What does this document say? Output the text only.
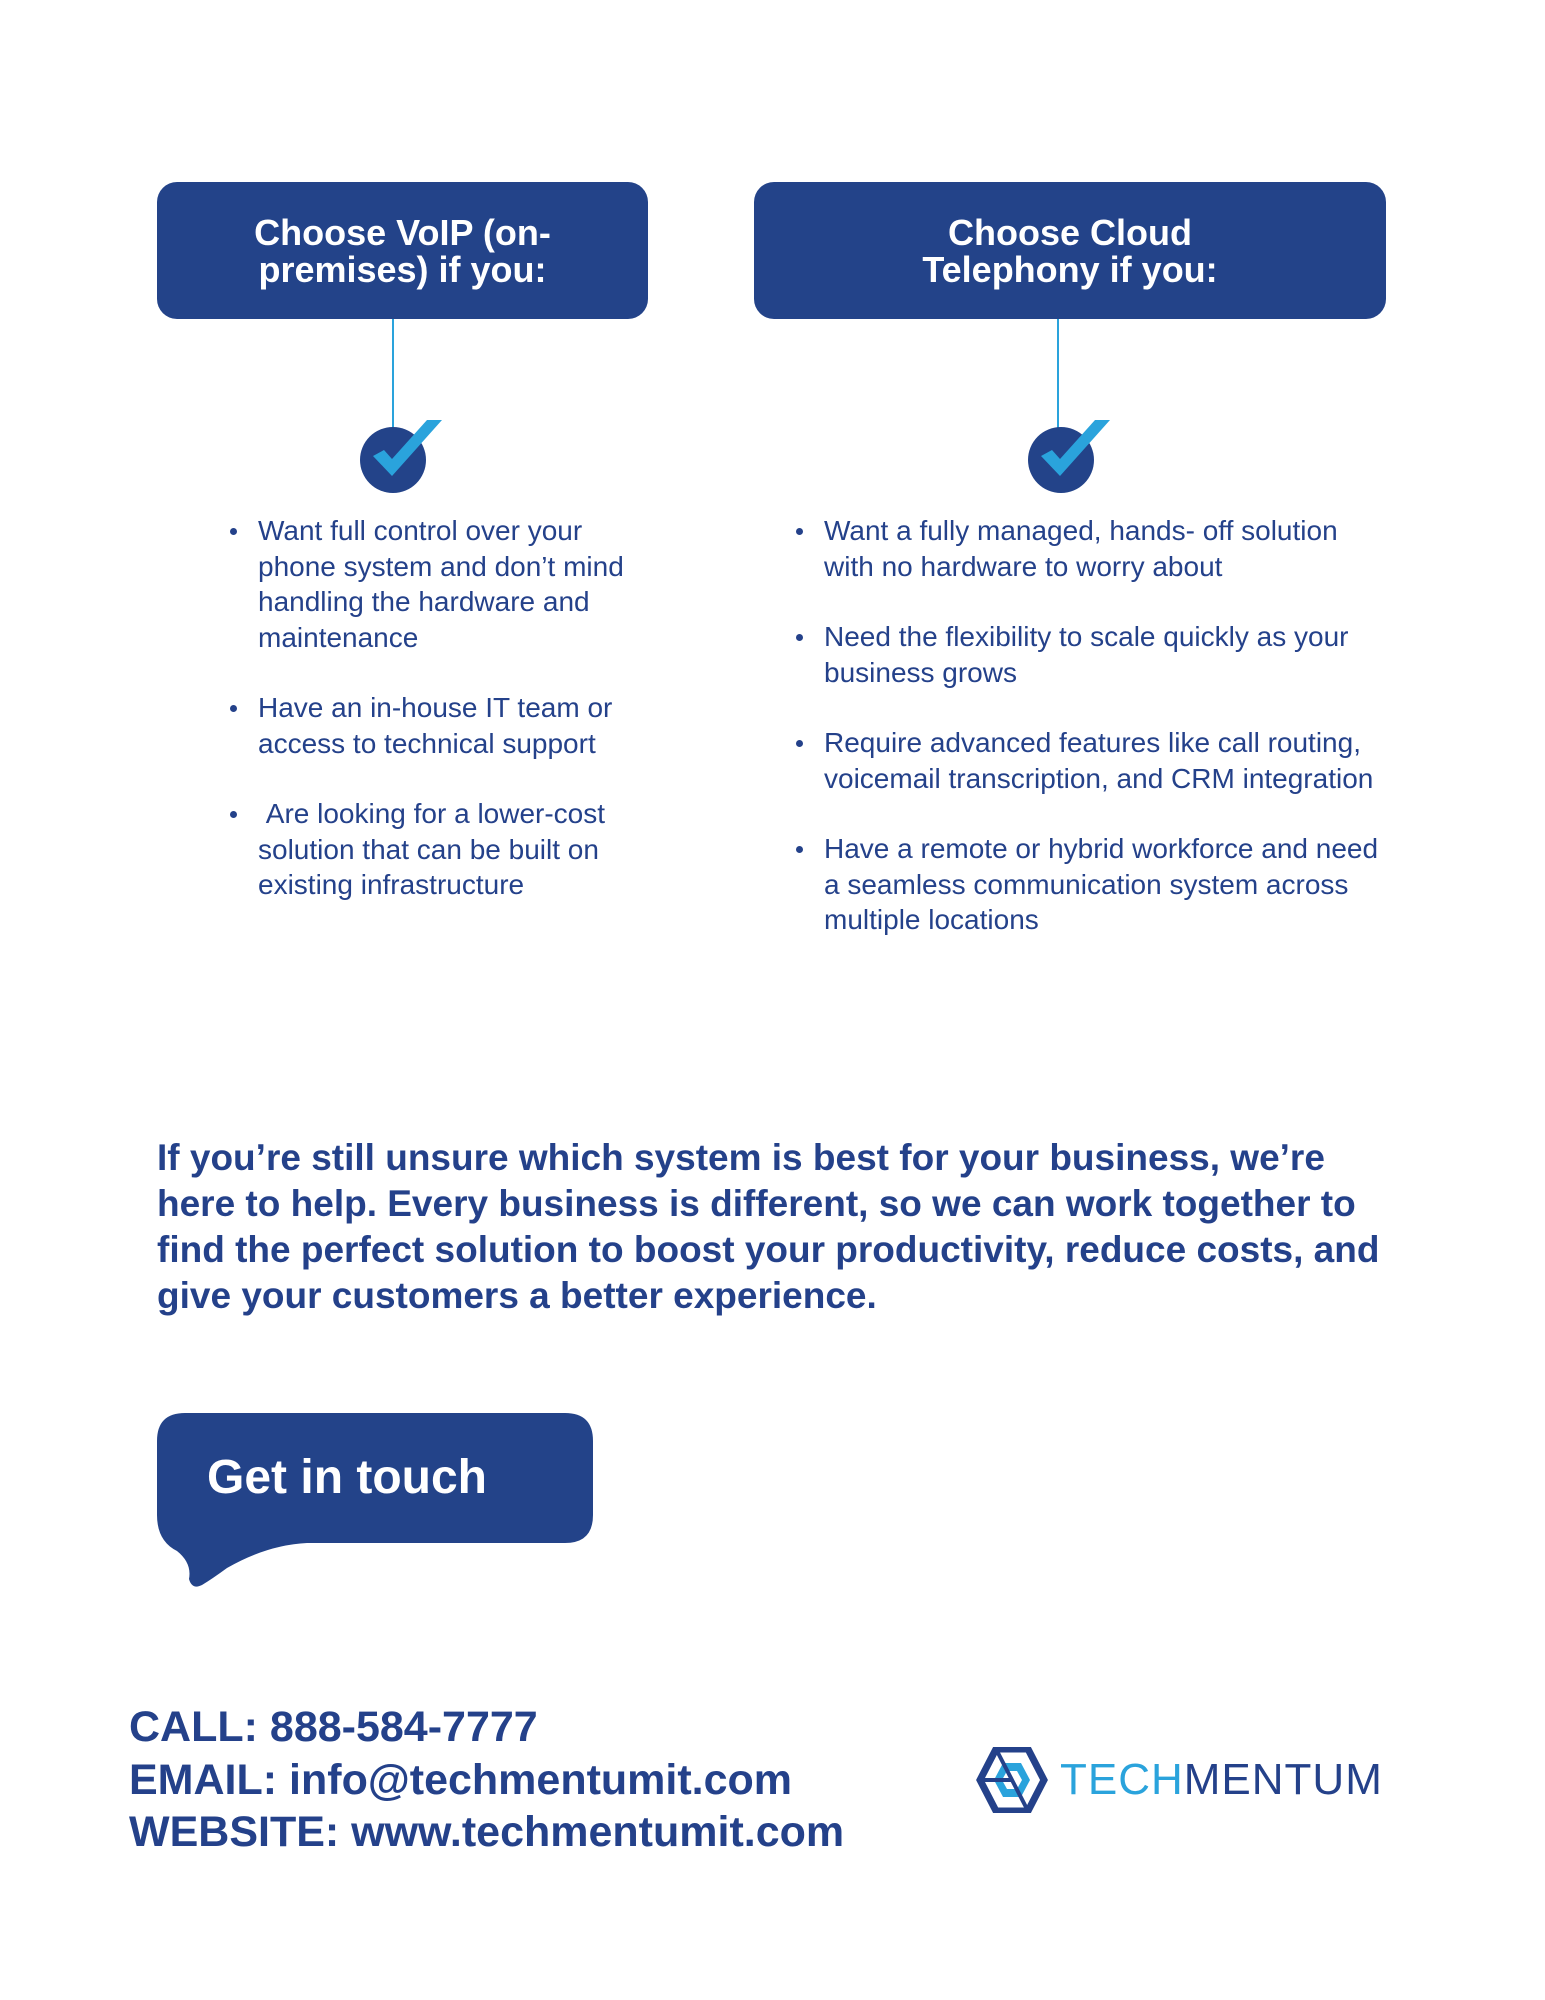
Choose VoIP (on-premises) if you:
Want full control over your phone system and don’t mind handling the hardware and maintenance
Have an in-house IT team or access to technical support
Are looking for a lower-cost solution that can be built on existing infrastructure
Choose Cloud Telephony if you:
Want a fully managed, hands- off solution with no hardware to worry about
Need the flexibility to scale quickly as your business grows
Require advanced features like call routing, voicemail transcription, and CRM integration
Have a remote or hybrid workforce and need a seamless communication system across multiple locations

If you’re still unsure which system is best for your business, we’re here to help. Every business is different, so we can work together to find the perfect solution to boost your productivity, reduce costs, and give your customers a better experience.

Get in touch
CALL: 888-584-7777
EMAIL: info@techmentumit.com
WEBSITE: www.techmentumit.com
TECHMENTUM
